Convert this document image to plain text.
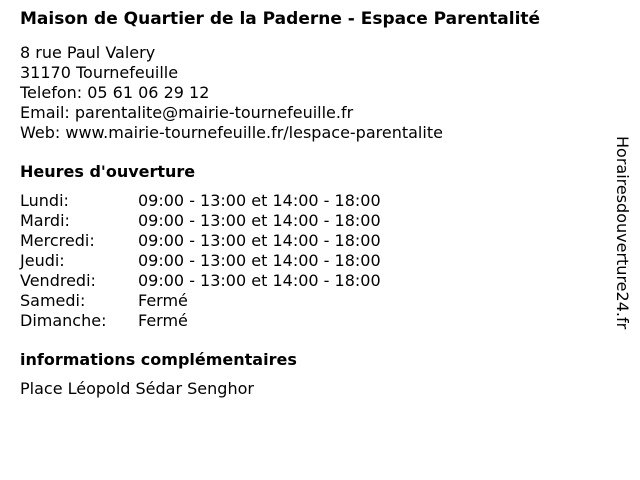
Maison de Quartier de la Paderne - Espace Parentalité
8 rue Paul Valery
31170 Tournefeuille
Telefon: 05 61 06 29 12
Email: parentalite@mairie-tournefeuille.fr
Web: www.mairie-tournefeuille.fr/lespace-parentalite
Heures d'ouverture
Lundi:	09:00 - 13:00 et 14:00 - 18:00
Mardi:	09:00 - 13:00 et 14:00 - 18:00
Mercredi:	09:00 - 13:00 et 14:00 - 18:00
Jeudi:	09:00 - 13:00 et 14:00 - 18:00
Vendredi:	09:00 - 13:00 et 14:00 - 18:00
Samedi:	Fermé
Dimanche:	Fermé
informations complémentaires
Place Léopold Sédar Senghor
Horairesdouverture24.fr
